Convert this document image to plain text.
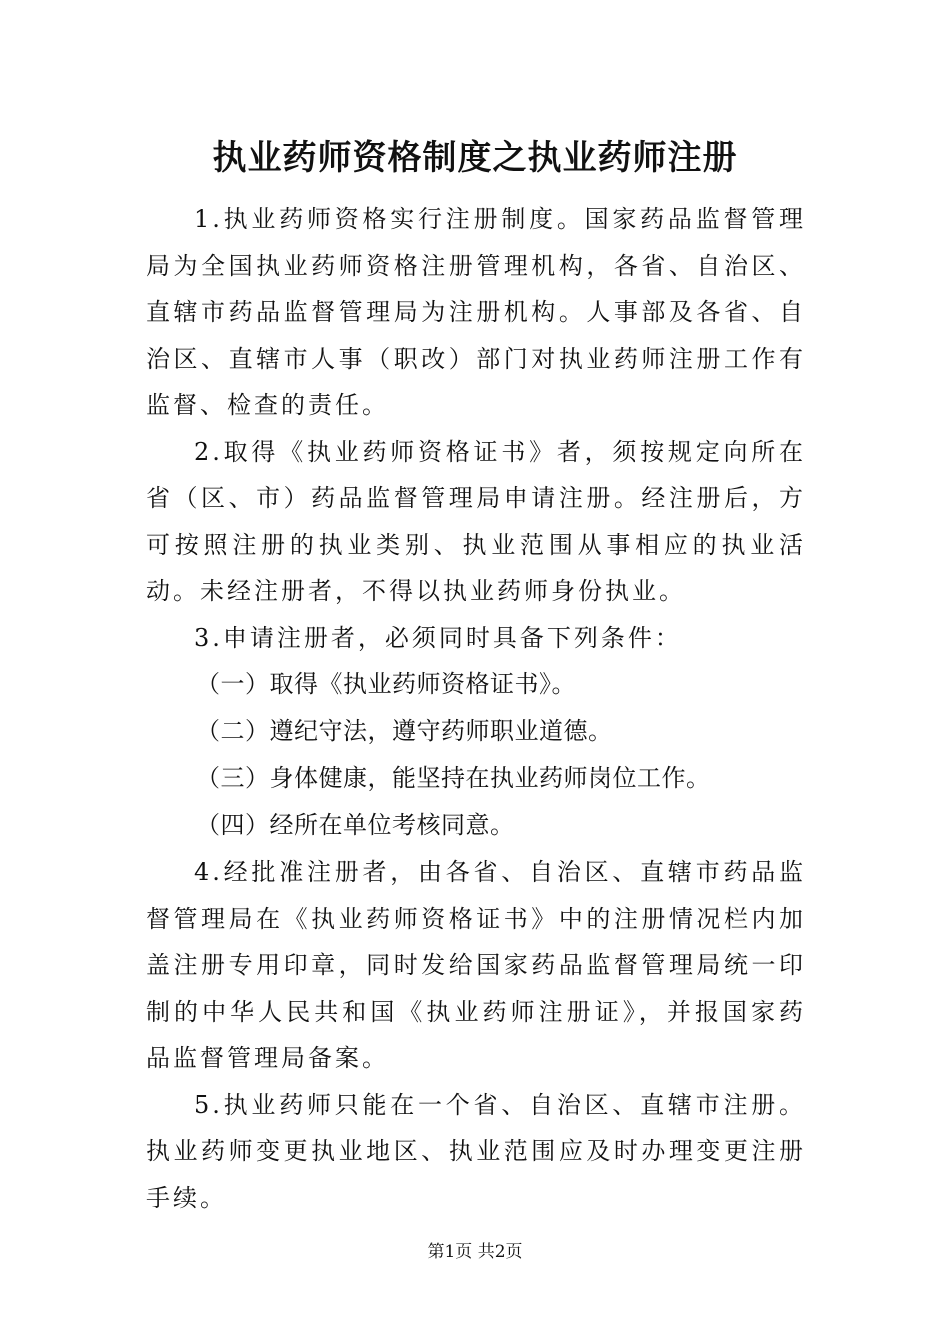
执业药师资格制度之执业药师注册

1.执业药师资格实行注册制度。国家药品监督管理局为全国执业药师资格注册管理机构，各省、自治区、直辖市药品监督管理局为注册机构。人事部及各省、自治区、直辖市人事（职改）部门对执业药师注册工作有监督、检查的责任。

2.取得《执业药师资格证书》者，须按规定向所在省（区、市）药品监督管理局申请注册。经注册后，方可按照注册的执业类别、执业范围从事相应的执业活动。未经注册者，不得以执业药师身份执业。

3.申请注册者，必须同时具备下列条件：

（一）取得《执业药师资格证书》。

（二）遵纪守法，遵守药师职业道德。

（三）身体健康，能坚持在执业药师岗位工作。

（四）经所在单位考核同意。

4.经批准注册者，由各省、自治区、直辖市药品监督管理局在《执业药师资格证书》中的注册情况栏内加盖注册专用印章，同时发给国家药品监督管理局统一印制的中华人民共和国《执业药师注册证》，并报国家药品监督管理局备案。

5.执业药师只能在一个省、自治区、直辖市注册。执业药师变更执业地区、执业范围应及时办理变更注册手续。

第1页 共2页
